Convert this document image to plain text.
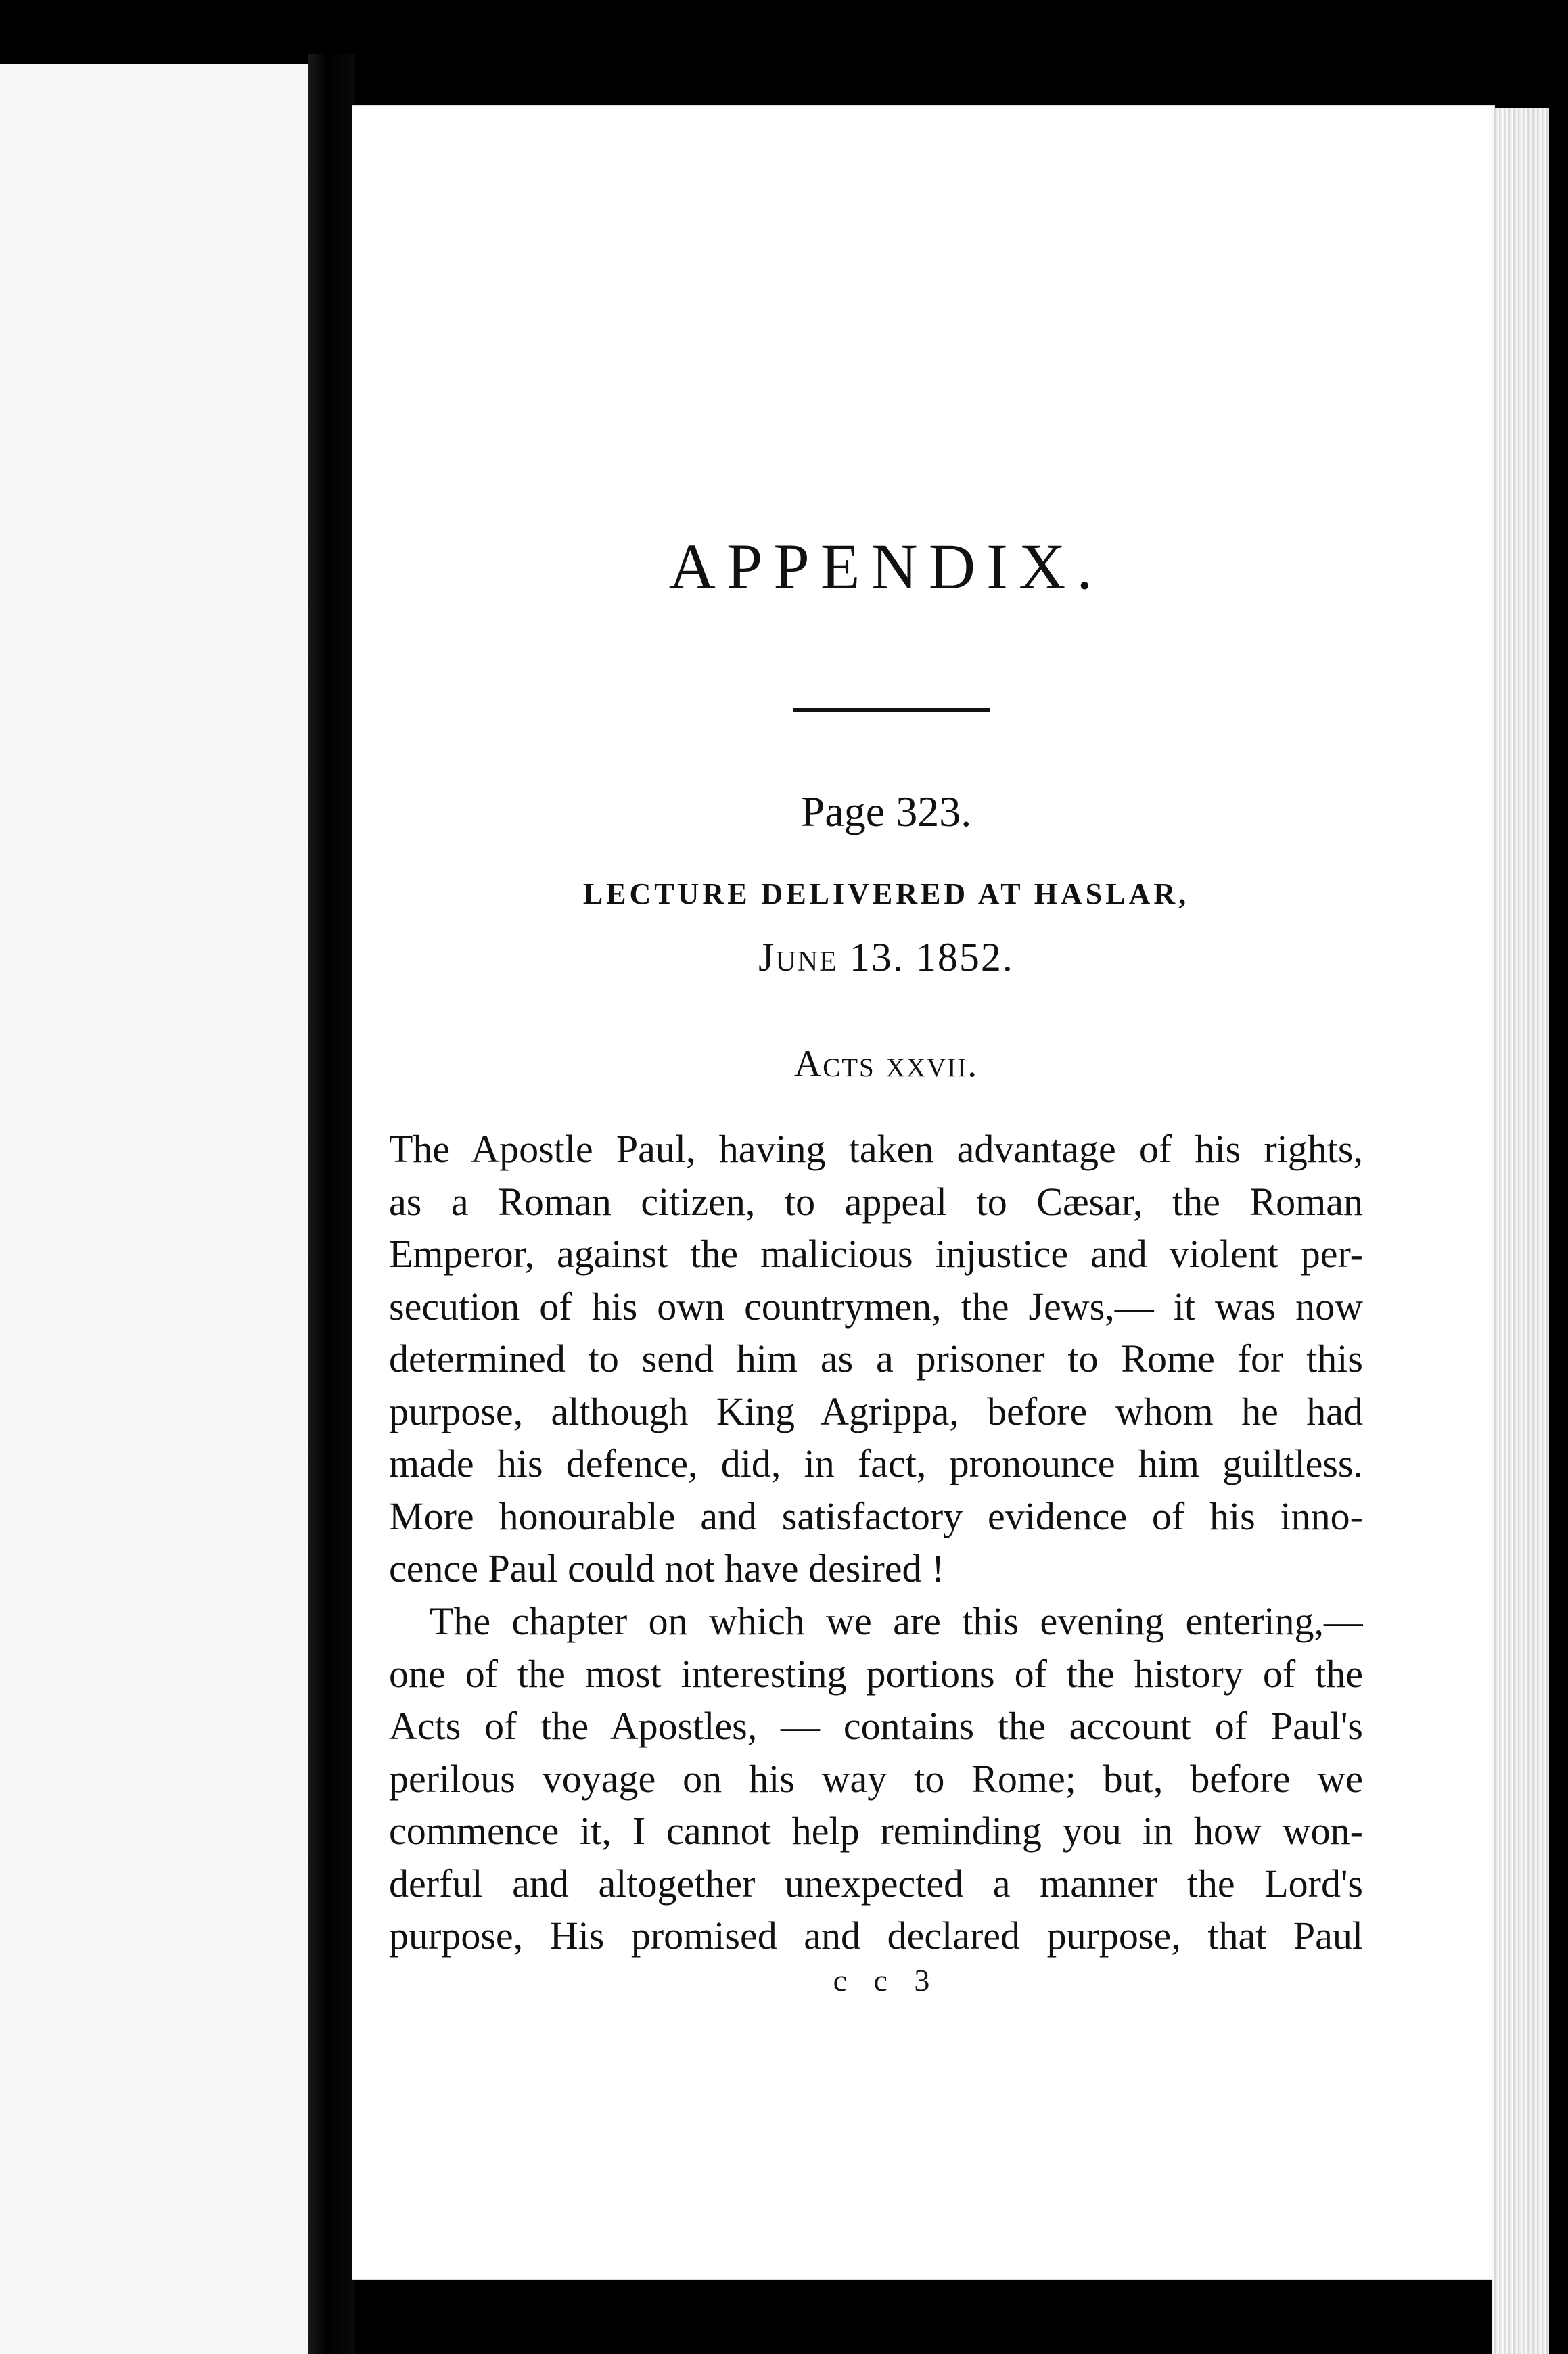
APPENDIX.
Page 323.
LECTURE DELIVERED AT HASLAR,
June 13. 1852.
Acts xxvii.
The Apostle Paul, having taken advantage of his rights,
as a Roman citizen, to appeal to Cæsar, the Roman
Emperor, against the malicious injustice and violent per-
secution of his own countrymen, the Jews,— it was now
determined to send him as a prisoner to Rome for this
purpose, although King Agrippa, before whom he had
made his defence, did, in fact, pronounce him guiltless.
More honourable and satisfactory evidence of his inno-
cence Paul could not have desired !
The chapter on which we are this evening entering,—
one of the most interesting portions of the history of the
Acts of the Apostles, — contains the account of Paul's
perilous voyage on his way to Rome; but, before we
commence it, I cannot help reminding you in how won-
derful and altogether unexpected a manner the Lord's
purpose, His promised and declared purpose, that Paul
c c 3
